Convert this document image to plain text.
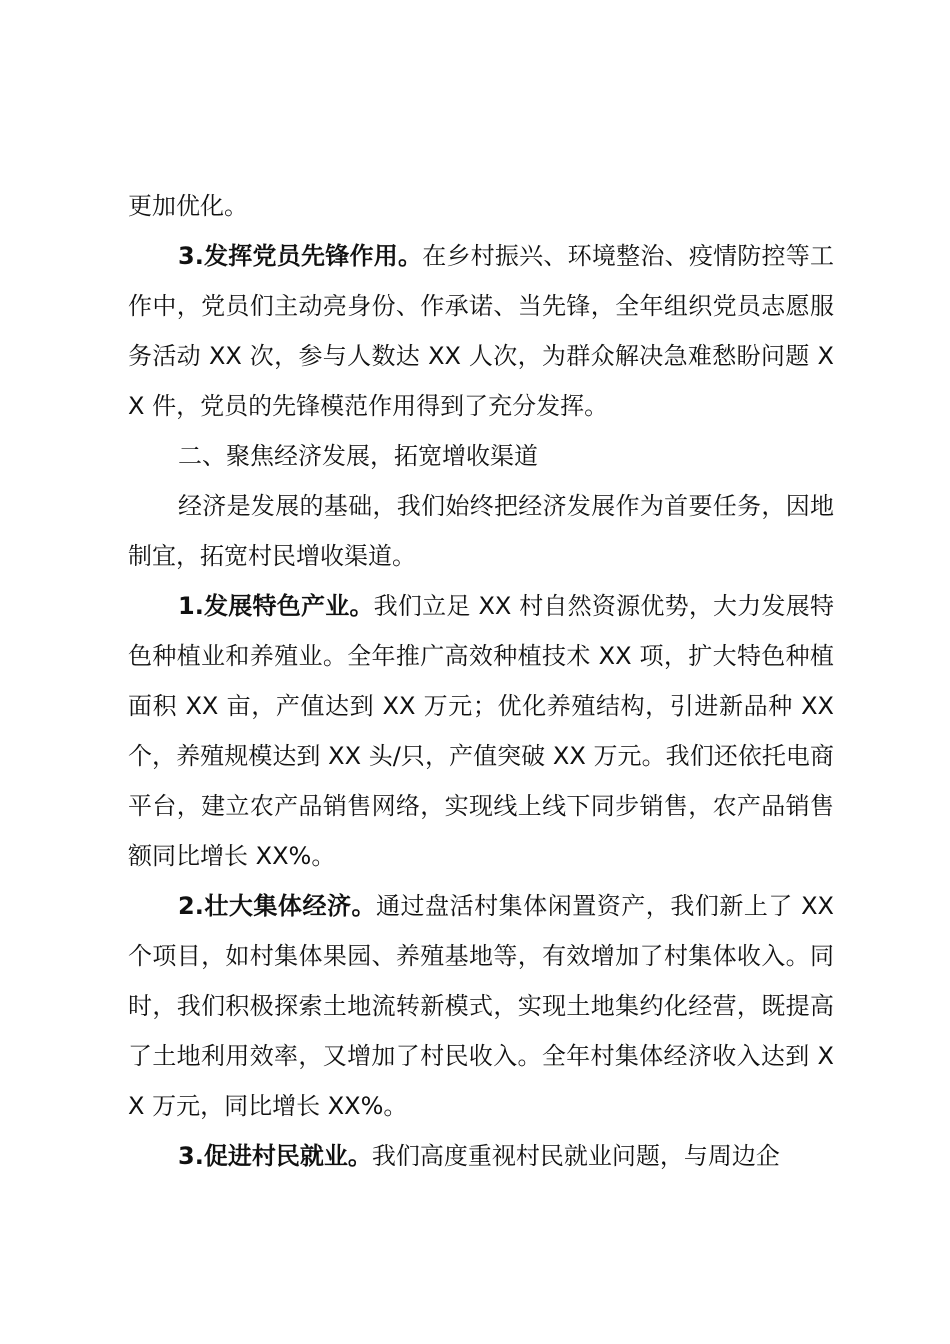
更加优化。

3.发挥党员先锋作用。在乡村振兴、环境整治、疫情防控等工作中，党员们主动亮身份、作承诺、当先锋，全年组织党员志愿服务活动 XX 次，参与人数达 XX 人次，为群众解决急难愁盼问题 XX 件，党员的先锋模范作用得到了充分发挥。

二、聚焦经济发展，拓宽增收渠道

经济是发展的基础，我们始终把经济发展作为首要任务，因地制宜，拓宽村民增收渠道。

1.发展特色产业。我们立足 XX 村自然资源优势，大力发展特色种植业和养殖业。全年推广高效种植技术 XX 项，扩大特色种植面积 XX 亩，产值达到 XX 万元；优化养殖结构，引进新品种 XX 个，养殖规模达到 XX 头/只，产值突破 XX 万元。我们还依托电商平台，建立农产品销售网络，实现线上线下同步销售，农产品销售额同比增长 XX%。

2.壮大集体经济。通过盘活村集体闲置资产，我们新上了 XX 个项目，如村集体果园、养殖基地等，有效增加了村集体收入。同时，我们积极探索土地流转新模式，实现土地集约化经营，既提高了土地利用效率，又增加了村民收入。全年村集体经济收入达到 XX 万元，同比增长 XX%。

3.促进村民就业。我们高度重视村民就业问题，与周边企
